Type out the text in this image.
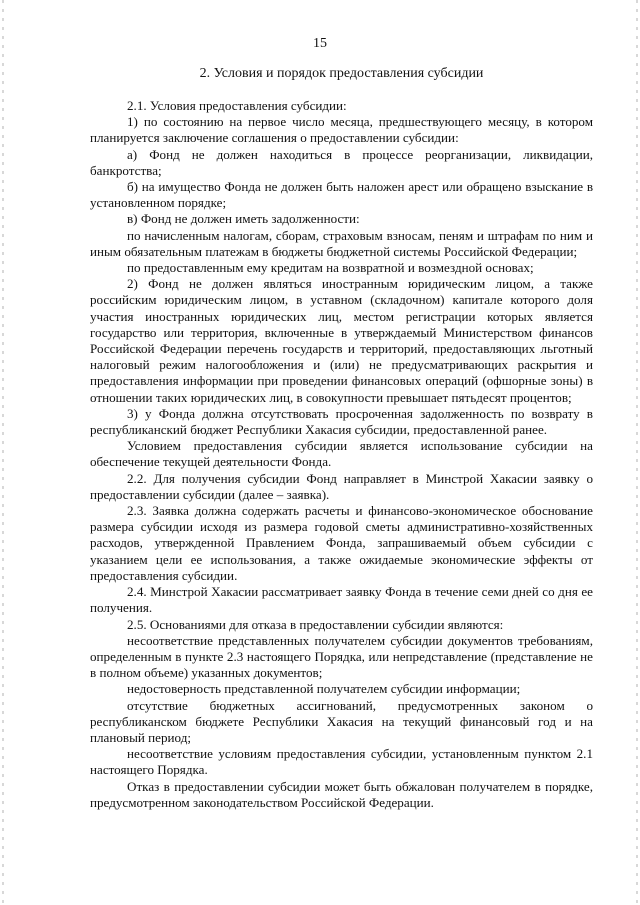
15
2. Условия и порядок предоставления субсидии

2.1. Условия предоставления субсидии:

1) по состоянию на первое число месяца, предшествующего месяцу, в котором планируется заключение соглашения о предоставлении субсидии:

а) Фонд не должен находиться в процессе реорганизации, ликвидации, банкротства;

б) на имущество Фонда не должен быть наложен арест или обращено взыскание в установленном порядке;

в) Фонд не должен иметь задолженности:

по начисленным налогам, сборам, страховым взносам, пеням и штрафам по ним и иным обязательным платежам в бюджеты бюджетной системы Российской Федерации;

по предоставленным ему кредитам на возвратной и возмездной основах;

2) Фонд не должен являться иностранным юридическим лицом, а также российским юридическим лицом, в уставном (складочном) капитале которого доля участия иностранных юридических лиц, местом регистрации которых является государство или территория, включенные в утверждаемый Министерством финансов Российской Федерации перечень государств и территорий, предоставляющих льготный налоговый режим налогообложения и (или) не предусматривающих раскрытия и предоставления информации при проведении финансовых операций (офшорные зоны) в отношении таких юридических лиц, в совокупности превышает пятьдесят процентов;

3) у Фонда должна отсутствовать просроченная задолженность по возврату в республиканский бюджет Республики Хакасия субсидии, предоставленной ранее.

Условием предоставления субсидии является использование субсидии на обеспечение текущей деятельности Фонда.

2.2. Для получения субсидии Фонд направляет в Минстрой Хакасии заявку о предоставлении субсидии (далее – заявка).

2.3. Заявка должна содержать расчеты и финансово-экономическое обоснование размера субсидии исходя из размера годовой сметы административно-хозяйственных расходов, утвержденной Правлением Фонда, запрашиваемый объем субсидии с указанием цели ее использования, а также ожидаемые экономические эффекты от предоставления субсидии.

2.4. Минстрой Хакасии рассматривает заявку Фонда в течение семи дней со дня ее получения.

2.5. Основаниями для отказа в предоставлении субсидии являются:

несоответствие представленных получателем субсидии документов требованиям, определенным в пункте 2.3 настоящего Порядка, или непредставление (представление не в полном объеме) указанных документов;

недостоверность представленной получателем субсидии информации;

отсутствие бюджетных ассигнований, предусмотренных законом о республиканском бюджете Республики Хакасия на текущий финансовый год и на плановый период;

несоответствие условиям предоставления субсидии, установленным пунктом 2.1 настоящего Порядка.

Отказ в предоставлении субсидии может быть обжалован получателем в порядке, предусмотренном законодательством Российской Федерации.
